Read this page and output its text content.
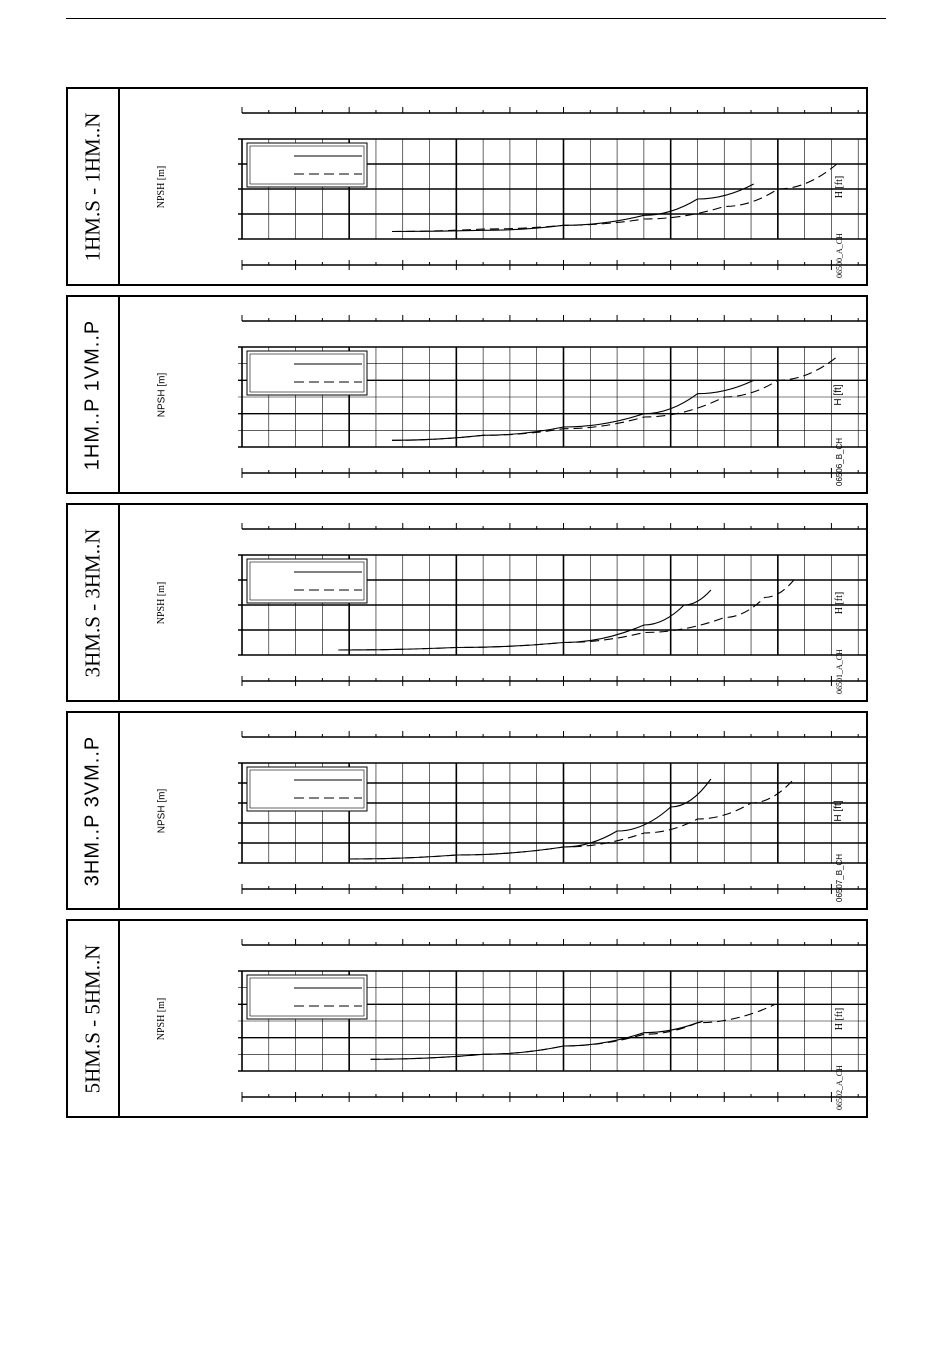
1HM.S - 1HM..N	NPSH [m]	H [ft]
06500_A_CH
1HM..P 1VM..P	NPSH [m]	H [ft]
06506_B_CH
3HM.S - 3HM..N	NPSH [m]	H [ft]
06501_A_CH
3HM..P 3VM..P	NPSH [m]	H [ft]
06507_B_CH
5HM.S - 5HM..N	NPSH [m]	H [ft]
06502_A_CH
